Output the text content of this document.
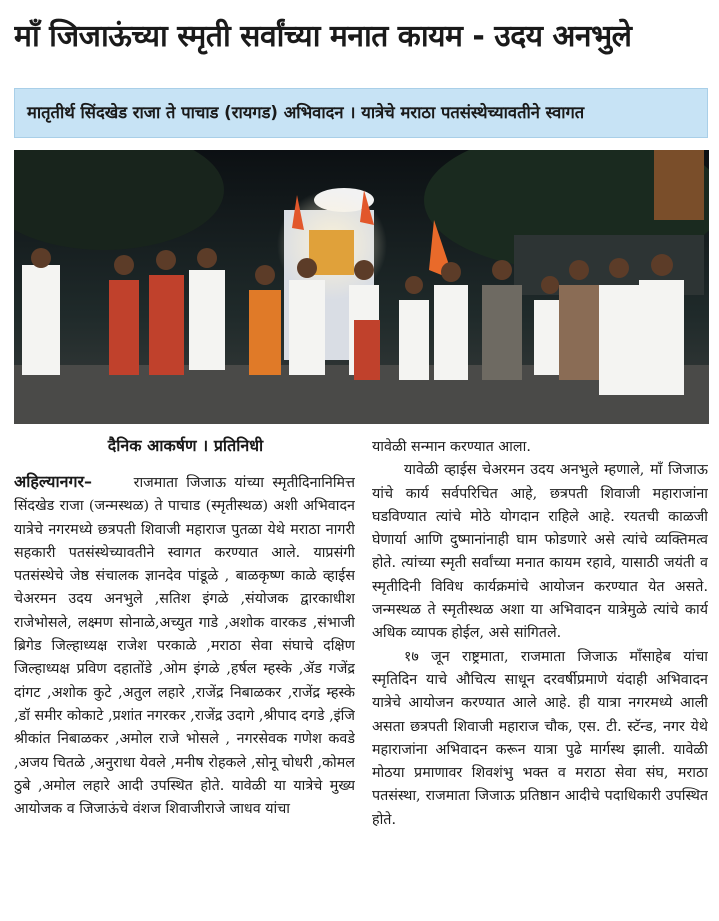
माँ जिजाऊंच्या स्मृती सर्वांच्या मनात कायम - उदय अनभुले
मातृतीर्थ सिंदखेड राजा ते पाचाड (रायगड) अभिवादन । यात्रेचे मराठा पतसंस्थेच्यावतीने स्वागत
दैनिक आकर्षण । प्रतिनिधी

अहिल्यानगर–	राजमाता जिजाऊ यांच्या स्मृतीदिनानिमित्त सिंदखेड राजा (जन्मस्थळ) ते पाचाड (स्मृतीस्थळ) अशी अभिवादन यात्रेचे नगरमध्ये छत्रपती शिवाजी महाराज पुतळा येथे मराठा नागरी सहकारी पतसंस्थेच्यावतीने स्वागत करण्यात आले. याप्रसंगी पतसंस्थेचे जेष्ठ संचालक ज्ञानदेव पांडूळे , बाळकृष्ण काळे व्हाईस चेअरमन उदय अनभुले ,सतिश इंगळे ,संयोजक द्वारकाधीश राजेभोसले, लक्ष्मण सोनाळे,अच्युत गाडे ,अशोक वारकड ,संभाजी ब्रिगेड जिल्हाध्यक्ष राजेश परकाळे ,मराठा सेवा संघाचे दक्षिण जिल्हाध्यक्ष प्रविण दहातोंडे ,ओम इंगळे ,हर्षल म्हस्के ,ॲड गजेंद्र दांगट ,अशोक कुटे ,अतुल लहारे ,राजेंद्र निबाळकर ,राजेंद्र म्हस्के ,डॉ समीर कोकाटे ,प्रशांत नगरकर ,राजेंद्र उदागे ,श्रीपाद दगडे ,इंजि श्रीकांत निबाळकर ,अमोल राजे भोसले , नगरसेवक गणेश कवडे ,अजय चितळे ,अनुराधा येवले ,मनीष रोहकले ,सोनू चोधरी ,कोमल ठुबे ,अमोल लहारे आदी उपस्थित होते. यावेळी या यात्रेचे मुख्य आयोजक व जिजाऊंचे वंशज शिवाजीराजे जाधव यांचा

यावेळी सन्मान करण्यात आला.

यावेळी व्हाईस चेअरमन उदय अनभुले म्हणाले, माँ जिजाऊ यांचे कार्य सर्वपरिचित आहे, छत्रपती शिवाजी महाराजांना घडविण्यात त्यांचे मोठे योगदान राहिले आहे. रयतची काळजी घेणार्या आणि दुष्मानांनाही घाम फोडणारे असे त्यांचे व्यक्तिमत्व होते. त्यांच्या स्मृती सर्वांच्या मनात कायम रहावे, यासाठी जयंती व स्मृतीदिनी विविध कार्यक्रमांचे आयोजन करण्यात येत असते. जन्मस्थळ ते स्मृतीस्थळ अशा या अभिवादन यात्रेमुळे त्यांचे कार्य अधिक व्यापक होईल, असे सांगितले.

१७ जून राष्ट्रमाता, राजमाता जिजाऊ माँसाहेब यांचा स्मृतिदिन याचे औचित्य साधून दरवर्षीप्रमाणे यंदाही अभिवादन यात्रेचे आयोजन करण्यात आले आहे. ही यात्रा नगरमध्ये आली असता छत्रपती शिवाजी महाराज चौक, एस. टी. स्टॅन्ड, नगर येथे महाराजांना अभिवादन करून यात्रा पुढे मार्गस्थ झाली. यावेळी मोठया प्रमाणावर शिवशंभु भक्त व मराठा सेवा संघ, मराठा पतसंस्था, राजमाता जिजाऊ प्रतिष्ठान आदीचे पदाधिकारी उपस्थित होते.
